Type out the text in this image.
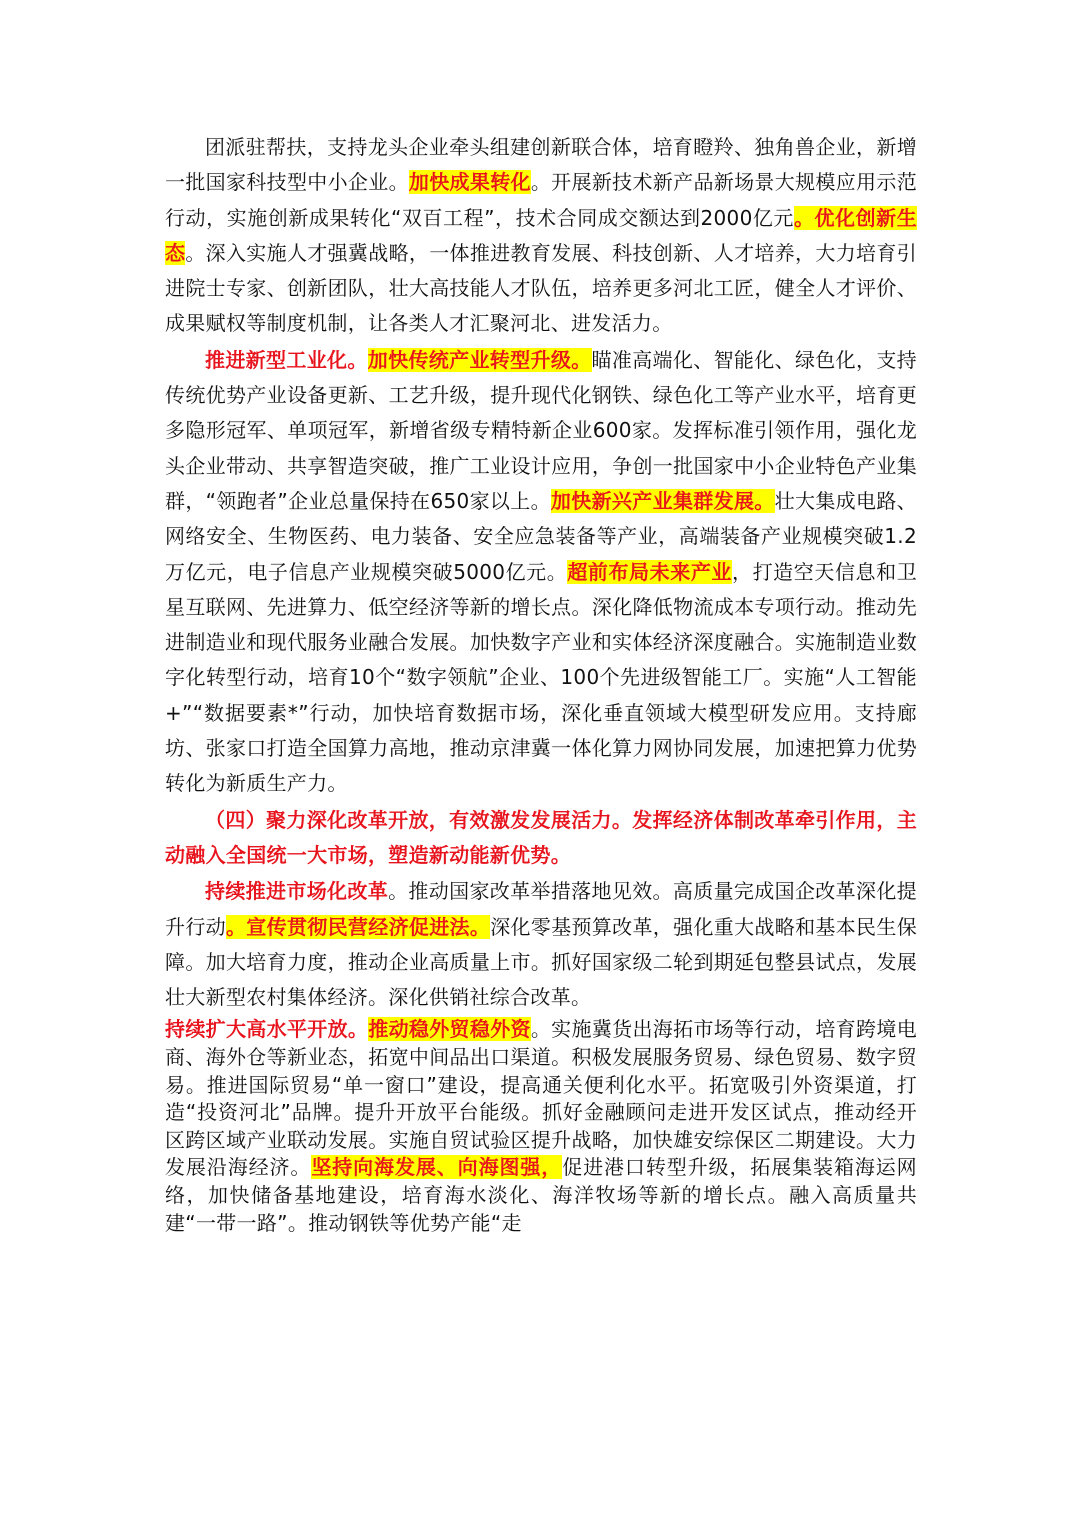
团派驻帮扶，支持龙头企业牵头组建创新联合体，培育瞪羚、独角兽企业，新增一批国家科技型中小企业。加快成果转化。开展新技术新产品新场景大规模应用示范行动，实施创新成果转化“双百工程”，技术合同成交额达到2000亿元。优化创新生态。深入实施人才强冀战略，一体推进教育发展、科技创新、人才培养，大力培育引进院士专家、创新团队，壮大高技能人才队伍，培养更多河北工匠，健全人才评价、成果赋权等制度机制，让各类人才汇聚河北、进发活力。

推进新型工业化。加快传统产业转型升级。瞄准高端化、智能化、绿色化，支持传统优势产业设备更新、工艺升级，提升现代化钢铁、绿色化工等产业水平，培育更多隐形冠军、单项冠军，新增省级专精特新企业600家。发挥标准引领作用，强化龙头企业带动、共享智造突破，推广工业设计应用，争创一批国家中小企业特色产业集群，“领跑者”企业总量保持在650家以上。加快新兴产业集群发展。壮大集成电路、网络安全、生物医药、电力装备、安全应急装备等产业，高端装备产业规模突破1.2万亿元，电子信息产业规模突破5000亿元。超前布局未来产业，打造空天信息和卫星互联网、先进算力、低空经济等新的增长点。深化降低物流成本专项行动。推动先进制造业和现代服务业融合发展。加快数字产业和实体经济深度融合。实施制造业数字化转型行动，培育10个“数字领航”企业、100个先进级智能工厂。实施“人工智能+”“数据要素*”行动，加快培育数据市场，深化垂直领域大模型研发应用。支持廊坊、张家口打造全国算力高地，推动京津冀一体化算力网协同发展，加速把算力优势转化为新质生产力。

（四）聚力深化改革开放，有效激发发展活力。发挥经济体制改革牵引作用，主动融入全国统一大市场，塑造新动能新优势。

持续推进市场化改革。推动国家改革举措落地见效。高质量完成国企改革深化提升行动。宣传贯彻民营经济促进法。深化零基预算改革，强化重大战略和基本民生保障。加大培育力度，推动企业高质量上市。抓好国家级二轮到期延包整县试点，发展壮大新型农村集体经济。深化供销社综合改革。

持续扩大高水平开放。推动稳外贸稳外资。实施冀货出海拓市场等行动，培育跨境电商、海外仓等新业态，拓宽中间品出口渠道。积极发展服务贸易、绿色贸易、数字贸易。推进国际贸易“单一窗口”建设，提高通关便利化水平。拓宽吸引外资渠道，打造“投资河北”品牌。提升开放平台能级。抓好金融顾问走进开发区试点，推动经开区跨区域产业联动发展。实施自贸试验区提升战略，加快雄安综保区二期建设。大力发展沿海经济。坚持向海发展、向海图强，促进港口转型升级，拓展集装箱海运网络，加快储备基地建设，培育海水淡化、海洋牧场等新的增长点。融入高质量共建“一带一路”。推动钢铁等优势产能“走
